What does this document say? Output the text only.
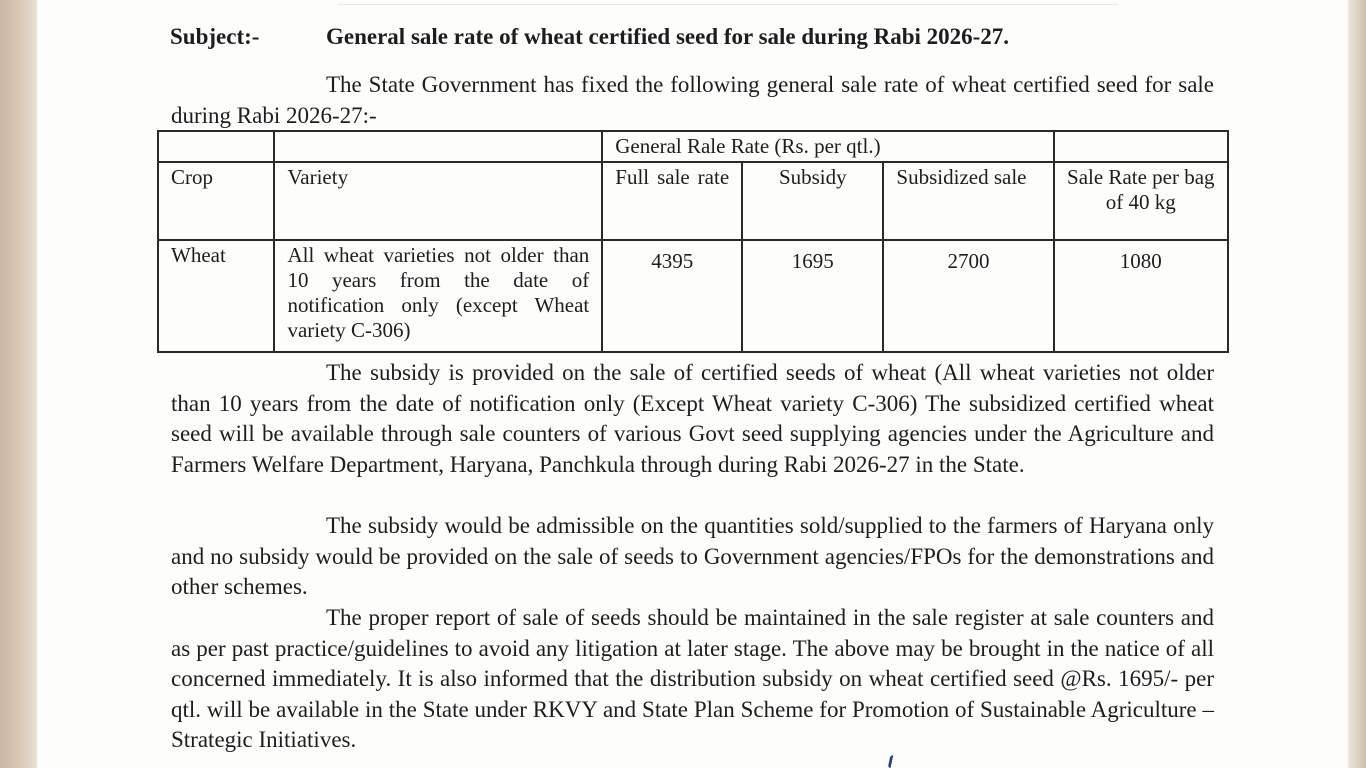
Subject:-	General sale rate of wheat certified seed for sale during Rabi 2026-27.

The State Government has fixed the following general sale rate of wheat certified seed for sale during Rabi 2026-27:-

		General Rale Rate (Rs. per qtl.)			
Crop	Variety	Full sale rate	Subsidy	Subsidized sale	Sale Rate per bag of 40 kg
Wheat	All wheat varieties not older than 10 years from the date of notification only (except Wheat variety C-306)	4395	1695	2700	1080

The subsidy is provided on the sale of certified seeds of wheat (All wheat varieties not older than 10 years from the date of notification only (Except Wheat variety C-306) The subsidized certified wheat seed will be available through sale counters of various Govt seed supplying agencies under the Agriculture and Farmers Welfare Department, Haryana, Panchkula through during Rabi 2026-27 in the State.

The subsidy would be admissible on the quantities sold/supplied to the farmers of Haryana only and no subsidy would be provided on the sale of seeds to Government agencies/FPOs for the demonstrations and other schemes.

The proper report of sale of seeds should be maintained in the sale register at sale counters and as per past practice/guidelines to avoid any litigation at later stage. The above may be brought in the natice of all concerned immediately. It is also informed that the distribution subsidy on wheat certified seed @Rs. 1695/- per qtl. will be available in the State under RKVY and State Plan Scheme for Promotion of Sustainable Agriculture – Strategic Initiatives.
